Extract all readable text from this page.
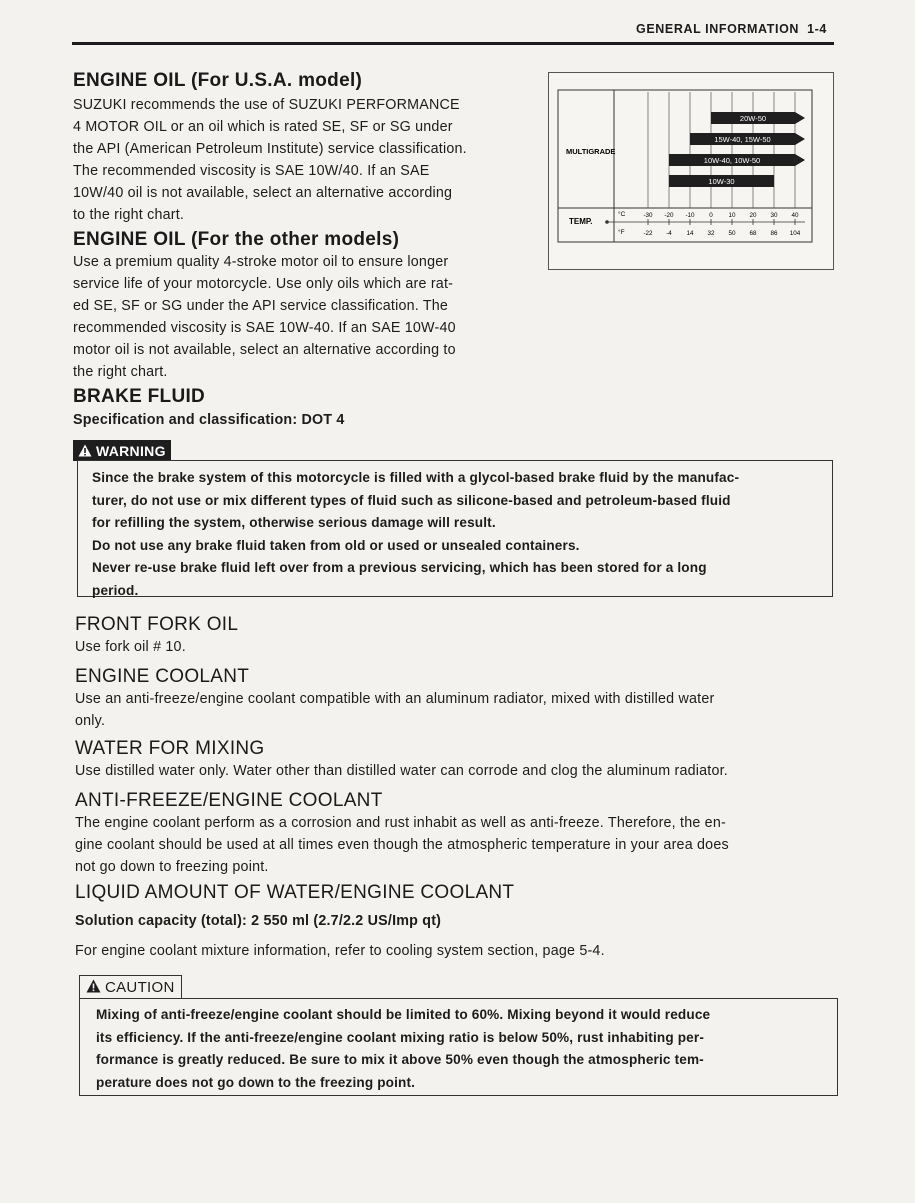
GENERAL INFORMATION 1-4
ENGINE OIL (For U.S.A. model)

SUZUKI recommends the use of SUZUKI PERFORMANCE

4 MOTOR OIL or an oil which is rated SE, SF or SG under

the API (American Petroleum Institute) service classification.

The recommended viscosity is SAE 10W/40. If an SAE

10W/40 oil is not available, select an alternative according

to the right chart.

ENGINE OIL (For the other models)

Use a premium quality 4-stroke motor oil to ensure longer

service life of your motorcycle. Use only oils which are rat-

ed SE, SF or SG under the API service classification. The

recommended viscosity is SAE 10W-40. If an SAE 10W-40

motor oil is not available, select an alternative according to

the right chart.

BRAKE FLUID

Specification and classification: DOT 4

WARNING

Since the brake system of this motorcycle is filled with a glycol-based brake fluid by the manufac-

turer, do not use or mix different types of fluid such as silicone-based and petroleum-based fluid

for refilling the system, otherwise serious damage will result.

Do not use any brake fluid taken from old or used or unsealed containers.

Never re-use brake fluid left over from a previous servicing, which has been stored for a long

period.

FRONT FORK OIL

Use fork oil # 10.

ENGINE COOLANT

Use an anti-freeze/engine coolant compatible with an aluminum radiator, mixed with distilled water

only.

WATER FOR MIXING

Use distilled water only. Water other than distilled water can corrode and clog the aluminum radiator.

ANTI-FREEZE/ENGINE COOLANT

The engine coolant perform as a corrosion and rust inhabit as well as anti-freeze. Therefore, the en-

gine coolant should be used at all times even though the atmospheric temperature in your area does

not go down to freezing point.

LIQUID AMOUNT OF WATER/ENGINE COOLANT

Solution capacity (total): 2 550 ml (2.7/2.2 US/Imp qt)

For engine coolant mixture information, refer to cooling system section, page 5-4.

CAUTION

Mixing of anti-freeze/engine coolant should be limited to 60%. Mixing beyond it would reduce

its efficiency. If the anti-freeze/engine coolant mixing ratio is below 50%, rust inhabiting per-

formance is greatly reduced. Be sure to mix it above 50% even though the atmospheric tem-

perature does not go down to the freezing point.

MULTIGRADE
TEMP.
°C
°F
-30
-22
-20
-4
-10
14
0
32
10
50
20
68
30
86
40
104
20W-50
15W-40, 15W-50
10W-40, 10W-50
10W-30
